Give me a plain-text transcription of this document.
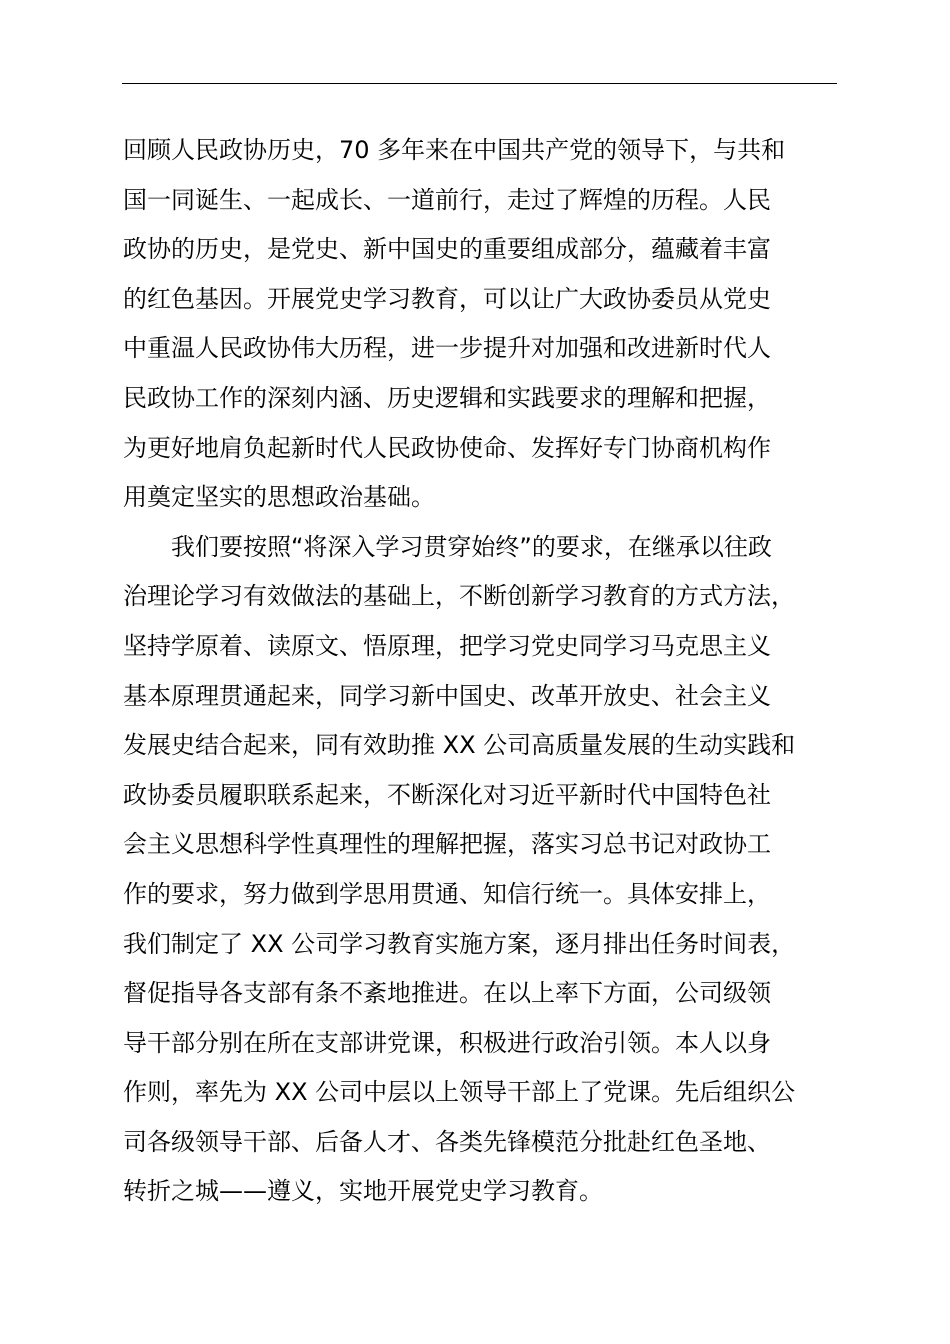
回顾人民政协历史，70 多年来在中国共产党的领导下，与共和
国一同诞生、一起成长、一道前行，走过了辉煌的历程。人民
政协的历史，是党史、新中国史的重要组成部分，蕴藏着丰富
的红色基因。开展党史学习教育，可以让广大政协委员从党史
中重温人民政协伟大历程，进一步提升对加强和改进新时代人
民政协工作的深刻内涵、历史逻辑和实践要求的理解和把握，
为更好地肩负起新时代人民政协使命、发挥好专门协商机构作
用奠定坚实的思想政治基础。
　　我们要按照“将深入学习贯穿始终”的要求，在继承以往政
治理论学习有效做法的基础上，不断创新学习教育的方式方法，
坚持学原着、读原文、悟原理，把学习党史同学习马克思主义
基本原理贯通起来，同学习新中国史、改革开放史、社会主义
发展史结合起来，同有效助推 XX 公司高质量发展的生动实践和
政协委员履职联系起来，不断深化对习近平新时代中国特色社
会主义思想科学性真理性的理解把握，落实习总书记对政协工
作的要求，努力做到学思用贯通、知信行统一。具体安排上，
我们制定了 XX 公司学习教育实施方案，逐月排出任务时间表，
督促指导各支部有条不紊地推进。在以上率下方面，公司级领
导干部分别在所在支部讲党课，积极进行政治引领。本人以身
作则，率先为 XX 公司中层以上领导干部上了党课。先后组织公
司各级领导干部、后备人才、各类先锋模范分批赴红色圣地、
转折之城——遵义，实地开展党史学习教育。
